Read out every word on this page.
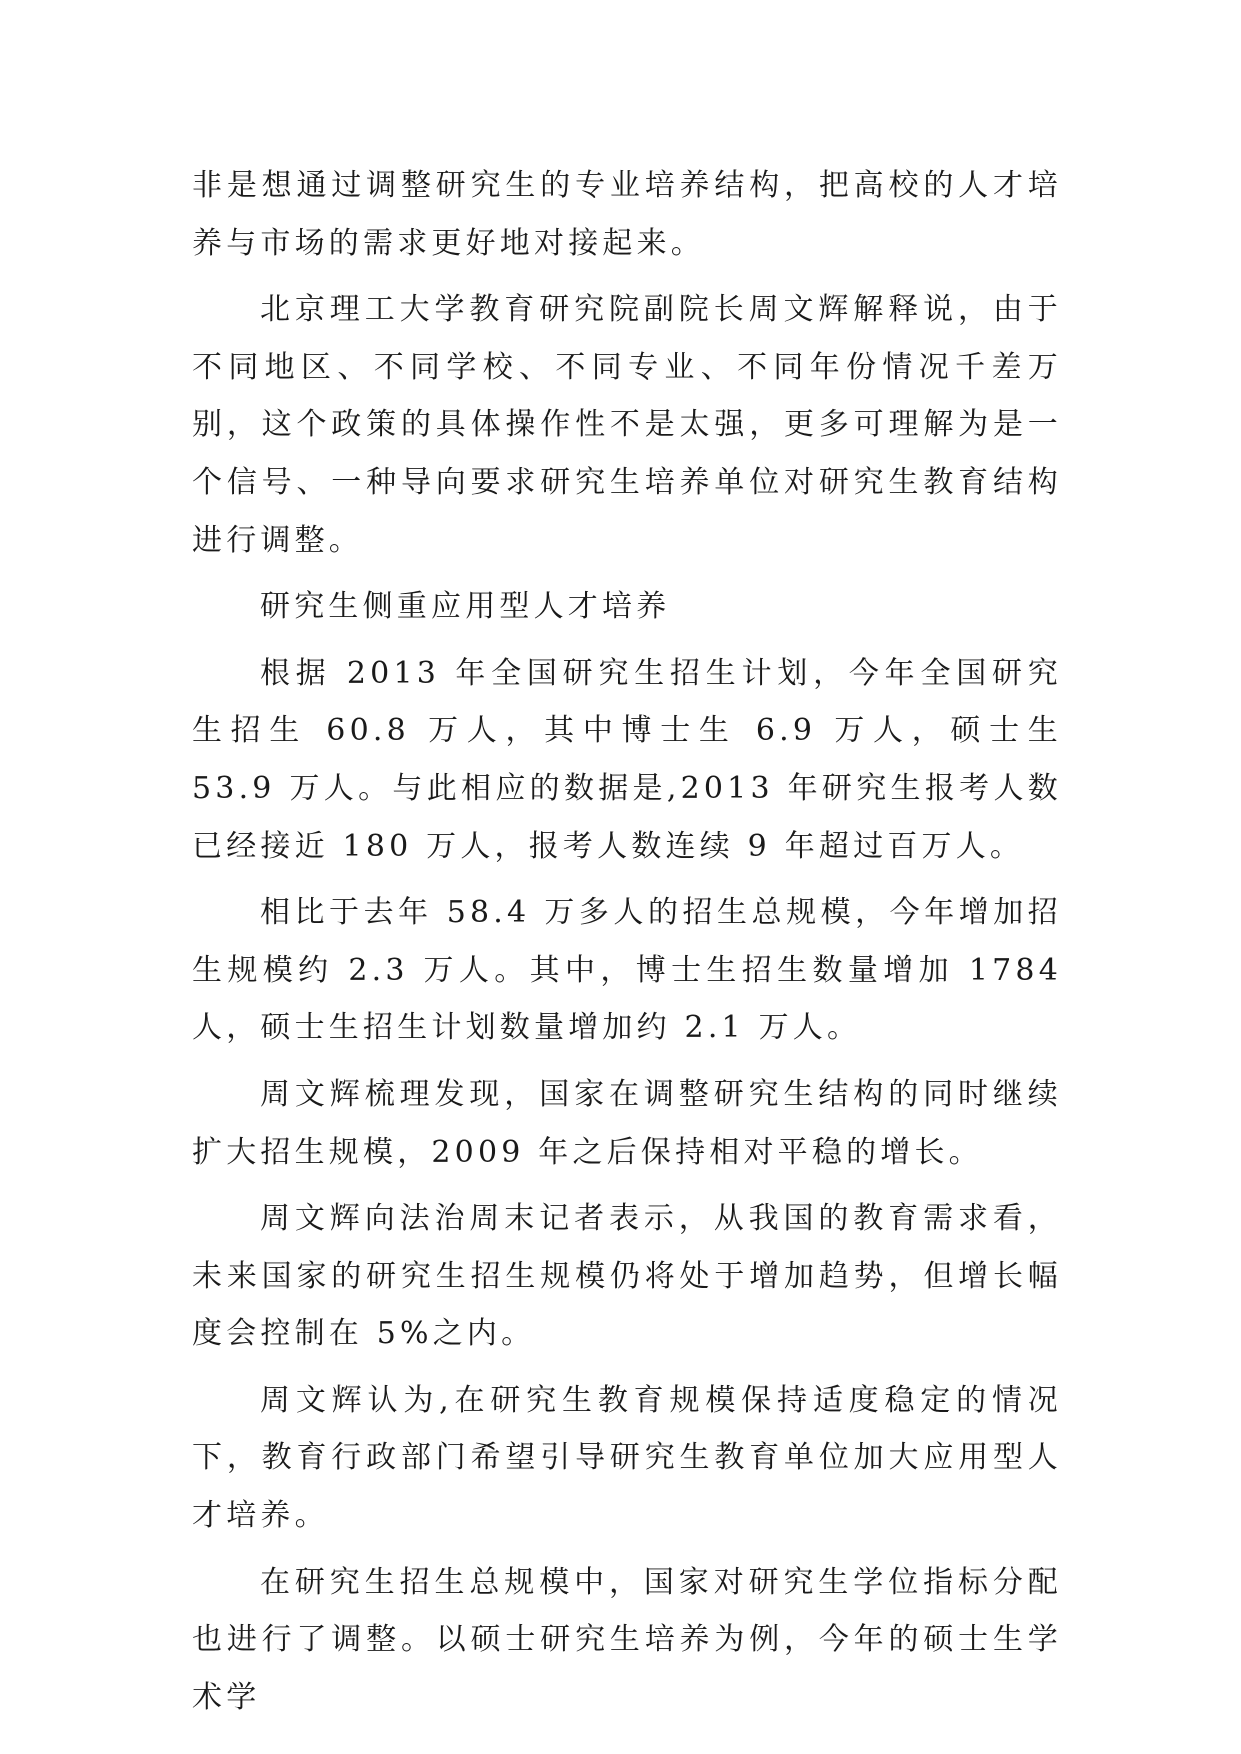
非是想通过调整研究生的专业培养结构，把高校的人才培养与市场的需求更好地对接起来。

北京理工大学教育研究院副院长周文辉解释说，由于不同地区、不同学校、不同专业、不同年份情况千差万别，这个政策的具体操作性不是太强，更多可理解为是一个信号、一种导向要求研究生培养单位对研究生教育结构进行调整。

研究生侧重应用型人才培养

根据 2013 年全国研究生招生计划，今年全国研究生招生 60.8 万人，其中博士生 6.9 万人，硕士生 53.9 万人。与此相应的数据是,2013 年研究生报考人数已经接近 180 万人，报考人数连续 9 年超过百万人。

相比于去年 58.4 万多人的招生总规模，今年增加招生规模约 2.3 万人。其中，博士生招生数量增加 1784 人，硕士生招生计划数量增加约 2.1 万人。

周文辉梳理发现，国家在调整研究生结构的同时继续扩大招生规模，2009 年之后保持相对平稳的增长。

周文辉向法治周末记者表示，从我国的教育需求看，未来国家的研究生招生规模仍将处于增加趋势，但增长幅度会控制在 5%之内。

周文辉认为,在研究生教育规模保持适度稳定的情况下，教育行政部门希望引导研究生教育单位加大应用型人才培养。

在研究生招生总规模中，国家对研究生学位指标分配也进行了调整。以硕士研究生培养为例，今年的硕士生学术学
